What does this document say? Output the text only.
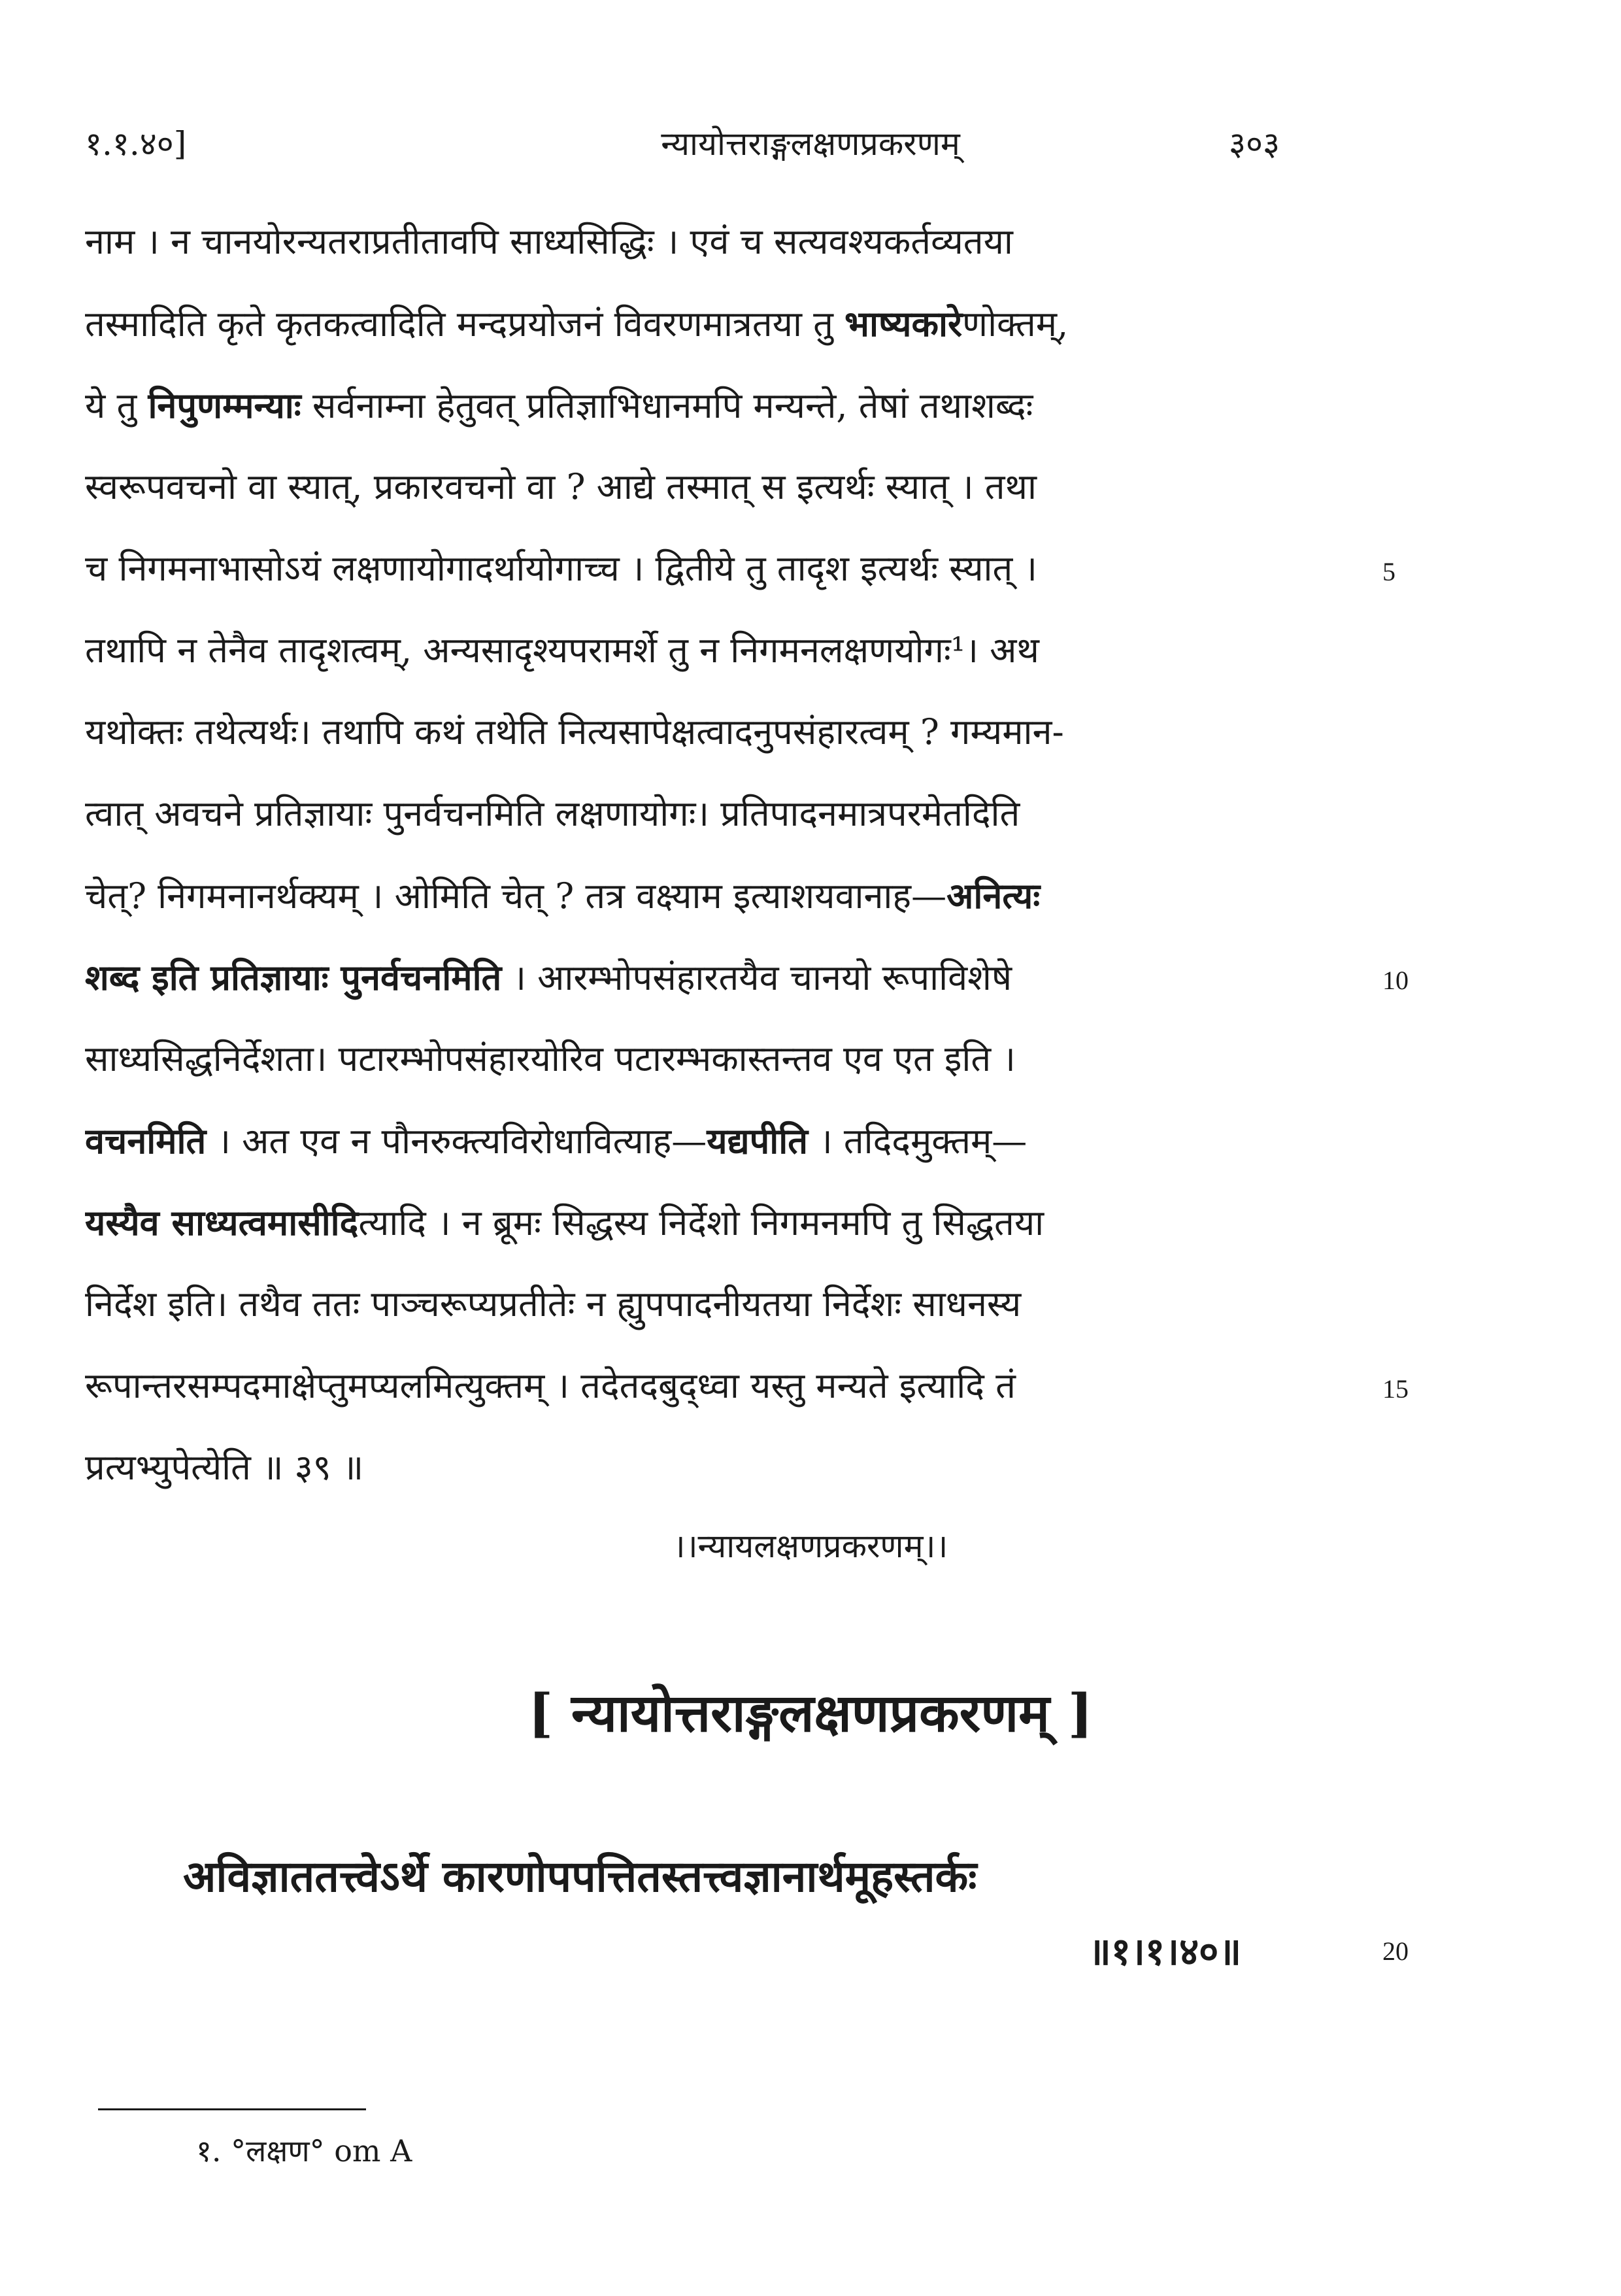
१.१.४०]	न्यायोत्तराङ्गलक्षणप्रकरणम्	३०३
नाम । न चानयोरन्यतराप्रतीतावपि साध्यसिद्धिः । एवं च सत्यवश्यकर्तव्यतया
तस्मादिति कृते कृतकत्वादिति मन्दप्रयोजनं विवरणमात्रतया तु भाष्यकारेणोक्तम्,
ये तु निपुणम्मन्याः सर्वनाम्ना हेतुवत् प्रतिज्ञाभिधानमपि मन्यन्ते, तेषां तथाशब्दः
स्वरूपवचनो वा स्यात्, प्रकारवचनो वा ? आद्ये तस्मात् स इत्यर्थः स्यात् । तथा
च निगमनाभासोऽयं लक्षणायोगादर्थायोगाच्च । द्वितीये तु तादृश इत्यर्थः स्यात् ।
तथापि न तेनैव तादृशत्वम्, अन्यसादृश्यपरामर्शे तु न निगमनलक्षणयोगः¹। अथ
यथोक्तः तथेत्यर्थः। तथापि कथं तथेति नित्यसापेक्षत्वादनुपसंहारत्वम् ? गम्यमान-
त्वात् अवचने प्रतिज्ञायाः पुनर्वचनमिति लक्षणायोगः। प्रतिपादनमात्रपरमेतदिति
चेत्? निगमनानर्थक्यम् । ओमिति चेत् ? तत्र वक्ष्याम इत्याशयवानाह—अनित्यः
शब्द इति प्रतिज्ञायाः पुनर्वचनमिति । आरम्भोपसंहारतयैव चानयो रूपाविशेषे
साध्यसिद्धनिर्देशता। पटारम्भोपसंहारयोरिव पटारम्भकास्तन्तव एव एत इति ।
वचनमिति । अत एव न पौनरुक्त्यविरोधावित्याह—यद्यपीति । तदिदमुक्तम्—
यस्यैव साध्यत्वमासीदित्यादि । न ब्रूमः सिद्धस्य निर्देशो निगमनमपि तु सिद्धतया
निर्देश इति। तथैव ततः पाञ्चरूप्यप्रतीतेः न ह्युपपादनीयतया निर्देशः साधनस्य
रूपान्तरसम्पदमाक्षेप्तुमप्यलमित्युक्तम् । तदेतदबुद्ध्वा यस्तु मन्यते इत्यादि तं
प्रत्यभ्युपेत्येति ॥ ३९ ॥
5
10
15
।।न्यायलक्षणप्रकरणम्।।
[ न्यायोत्तराङ्गलक्षणप्रकरणम् ]
अविज्ञाततत्त्वेऽर्थे कारणोपपत्तितस्तत्त्वज्ञानार्थमूहस्तर्कः
॥१।१।४०॥	20
१. °लक्षण° om A
